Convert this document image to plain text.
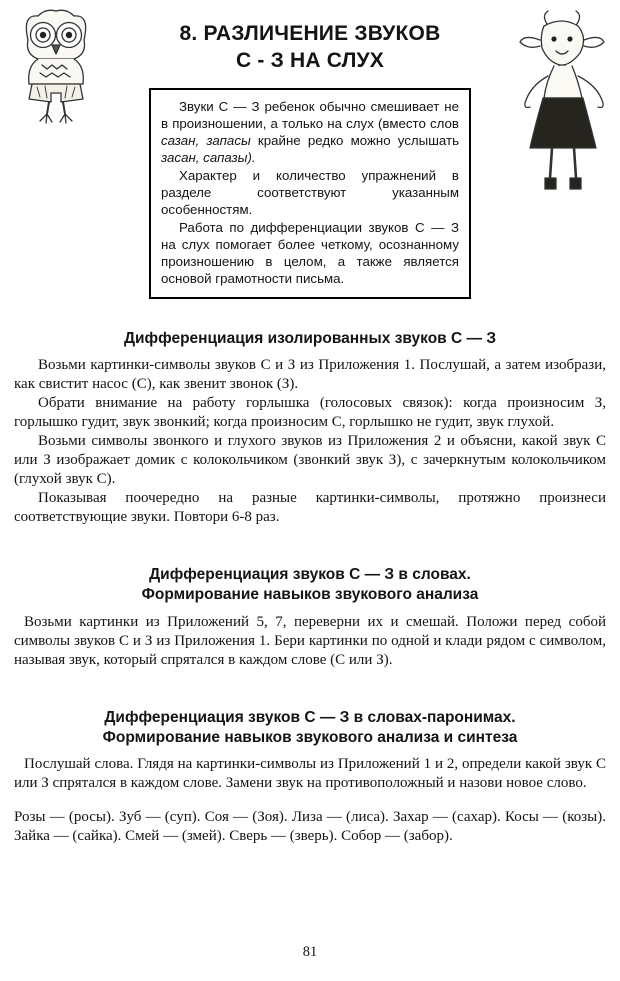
8. РАЗЛИЧЕНИЕ ЗВУКОВ
С - З НА СЛУХ

Звуки С — З ребенок обычно смешивает не в произношении, а только на слух (вместо слов сазан, запасы крайне редко можно услышать засан, сапазы).

Характер и количество упражнений в разделе соответствуют указанным особенностям.

Работа по дифференциации звуков С — З на слух помогает более четкому, осознанному произношению в целом, а также является основой грамотности письма.

Дифференциация изолированных звуков С — З

Возьми картинки-символы звуков С и З из Приложения 1. Послушай, а затем изобрази, как свистит насос (С), как звенит звонок (З).

Обрати внимание на работу горлышка (голосовых связок): когда произносим З, горлышко гудит, звук звонкий; когда произносим С, горлышко не гудит, звук глухой.

Возьми символы звонкого и глухого звуков из Приложения 2 и объясни, какой звук С или З изображает домик с колокольчиком (звонкий звук З), с зачеркнутым колокольчиком (глухой звук С).

Показывая поочередно на разные картинки-символы, протяжно произнеси соответствующие звуки. Повтори 6-8 раз.

Дифференциация звуков С — З в словах.
Формирование навыков звукового анализа

Возьми картинки из Приложений 5, 7, переверни их и смешай. Положи перед собой символы звуков С и З из Приложения 1. Бери картинки по одной и клади рядом с символом, называя звук, который спрятался в каждом слове (С или З).

Дифференциация звуков С — З в словах-паронимах.
Формирование навыков звукового анализа и синтеза

Послушай слова. Глядя на картинки-символы из Приложений 1 и 2, определи какой звук С или З спрятался в каждом слове. Замени звук на противоположный и назови новое слово.

Розы — (росы). Зуб — (суп). Соя — (Зоя). Лиза — (лиса). Захар — (сахар). Косы — (козы). Зайка — (сайка). Смей — (змей). Сверь — (зверь). Собор — (забор).

81
